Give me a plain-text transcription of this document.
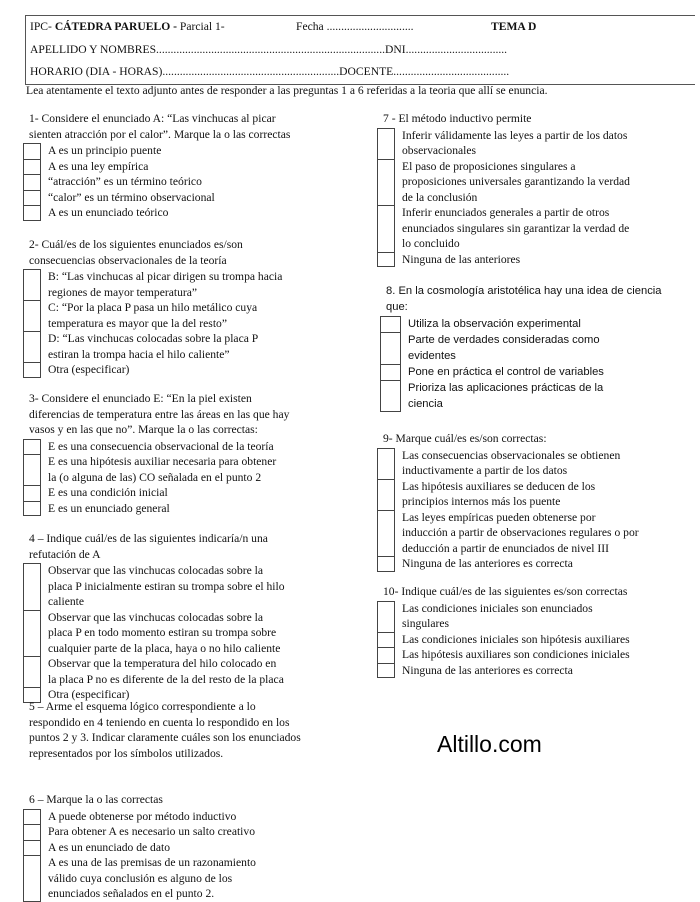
IPC- CÁTEDRA PARUELO - Parcial 1-	Fecha ..............................	TEMA D
APELLIDO Y NOMBRES...............................................................................DNI...................................
HORARIO (DIA - HORAS).............................................................DOCENTE........................................
Lea atentamente el texto adjunto antes de responder a las preguntas 1 a 6 referidas a la teoria que allí se enuncia.
1- Considere el enunciado A: “Las vinchucas al picar
sienten atracción por el calor”. Marque la o las correctas
A es un principio puente
A es una ley empírica
“atracción” es un término teórico
“calor” es un término observacional
A es un enunciado teórico
2- Cuál/es de los siguientes enunciados es/son
consecuencias observacionales de la teoría
B: “Las vinchucas al picar dirigen su trompa hacia
regiones de mayor temperatura”
C: “Por la placa P pasa un hilo metálico cuya
temperatura es mayor que la del resto”
D: “Las vinchucas colocadas sobre la placa P
estiran la trompa hacia el hilo caliente”
Otra (especificar)
3- Considere el enunciado E: “En la piel existen
diferencias de temperatura entre las áreas en las que hay
vasos y en las que no”. Marque la o las correctas:
E es una consecuencia observacional de la teoría
E es una hipótesis auxiliar necesaria para obtener
la (o alguna de las) CO señalada en el punto 2
E es una condición inicial
E es un enunciado general
4 – Indique cuál/es de las siguientes indicaría/n una
refutación de A
Observar que las vinchucas colocadas sobre la
placa P inicialmente estiran su trompa sobre el hilo
caliente
Observar que las vinchucas colocadas sobre la
placa P en todo momento estiran su trompa sobre
cualquier parte de la placa, haya o no hilo caliente
Observar que la temperatura del hilo colocado en
la placa P no es diferente de la del resto de la placa
Otra (especificar)
5 – Arme el esquema lógico correspondiente a lo
respondido en 4 teniendo en cuenta lo respondido en los
puntos 2 y 3. Indicar claramente cuáles son los enunciados
representados por los símbolos utilizados.
6 – Marque la o las correctas
A puede obtenerse por método inductivo
Para obtener A es necesario un salto creativo
A es un enunciado de dato
A es una de las premisas de un razonamiento
válido cuya conclusión es alguno de los
enunciados señalados en el punto 2.
7 - El método inductivo permite
Inferir válidamente las leyes a partir de los datos
observacionales
El paso de proposiciones singulares a
proposiciones universales garantizando la verdad
de la conclusión
Inferir enunciados generales a partir de otros
enunciados singulares sin garantizar la verdad de
lo concluido
Ninguna de las anteriores
8. En la cosmología aristotélica hay una idea de ciencia
que:
Utiliza la observación experimental
Parte de verdades consideradas como
evidentes
Pone en práctica el control de variables
Prioriza las aplicaciones prácticas de la
ciencia
9- Marque cuál/es es/son correctas:
Las consecuencias observacionales se obtienen
inductivamente a partir de los datos
Las hipótesis auxiliares se deducen de los
principios internos más los puente
Las leyes empíricas pueden obtenerse por
inducción a partir de observaciones regulares o por
deducción a partir de enunciados de nivel III
Ninguna de las anteriores es correcta
10- Indique cuál/es de las siguientes es/son correctas
Las condiciones iniciales son enunciados
singulares
Las condiciones iniciales son hipótesis auxiliares
Las hipótesis auxiliares son condiciones iniciales
Ninguna de las anteriores es correcta
Altillo.com
